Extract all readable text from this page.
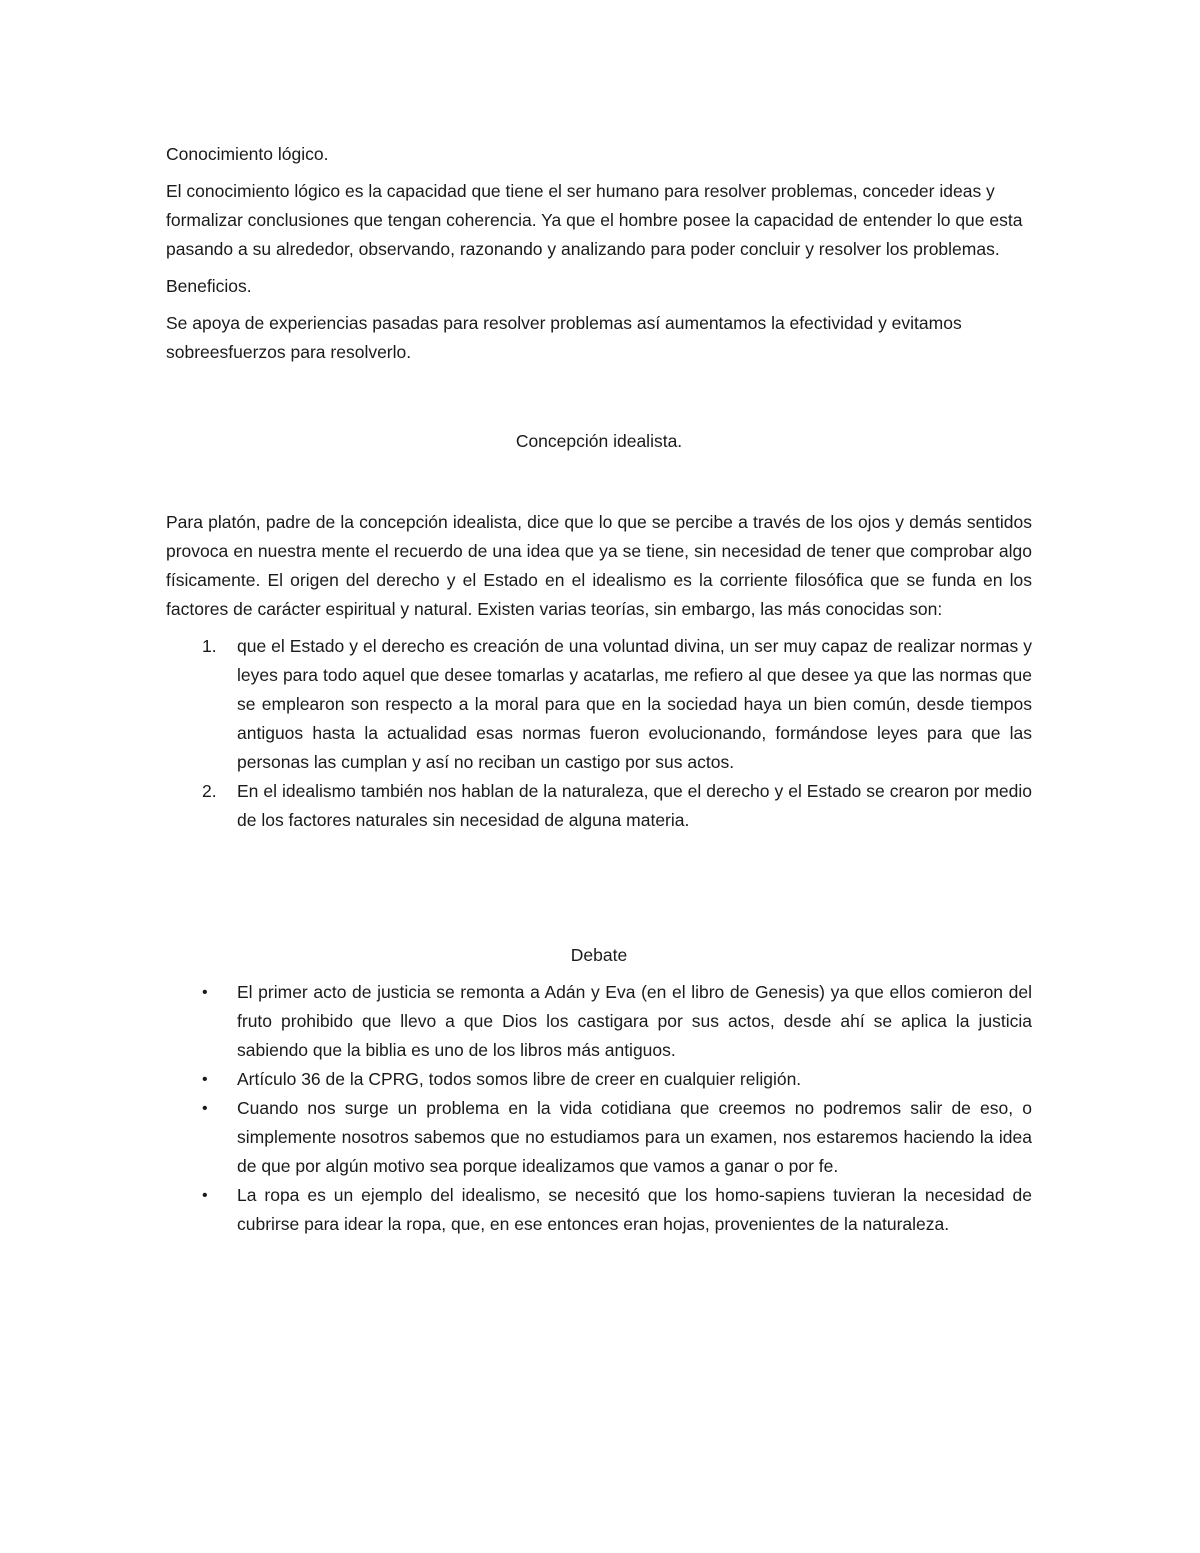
Conocimiento lógico.

El conocimiento lógico es la capacidad que tiene el ser humano para resolver problemas, conceder ideas y formalizar conclusiones que tengan coherencia. Ya que el hombre posee la capacidad de entender lo que esta pasando a su alrededor, observando, razonando y analizando para poder concluir y resolver los problemas.

Beneficios.

Se apoya de experiencias pasadas para resolver problemas así aumentamos la efectividad y evitamos sobreesfuerzos para resolverlo.

Concepción idealista.

Para platón, padre de la concepción idealista, dice que lo que se percibe a través de los ojos y demás sentidos provoca en nuestra mente el recuerdo de una idea que ya se tiene, sin necesidad de tener que comprobar algo físicamente. El origen del derecho y el Estado en el idealismo es la corriente filosófica que se funda en los factores de carácter espiritual y natural. Existen varias teorías, sin embargo, las más conocidas son:

1. que el Estado y el derecho es creación de una voluntad divina, un ser muy capaz de realizar normas y leyes para todo aquel que desee tomarlas y acatarlas, me refiero al que desee ya que las normas que se emplearon son respecto a la moral para que en la sociedad haya un bien común, desde tiempos antiguos hasta la actualidad esas normas fueron evolucionando, formándose leyes para que las personas las cumplan y así no reciban un castigo por sus actos.
2. En el idealismo también nos hablan de la naturaleza, que el derecho y el Estado se crearon por medio de los factores naturales sin necesidad de alguna materia.

Debate

• El primer acto de justicia se remonta a Adán y Eva (en el libro de Genesis) ya que ellos comieron del fruto prohibido que llevo a que Dios los castigara por sus actos, desde ahí se aplica la justicia sabiendo que la biblia es uno de los libros más antiguos.
• Artículo 36 de la CPRG, todos somos libre de creer en cualquier religión.
• Cuando nos surge un problema en la vida cotidiana que creemos no podremos salir de eso, o simplemente nosotros sabemos que no estudiamos para un examen, nos estaremos haciendo la idea de que por algún motivo sea porque idealizamos que vamos a ganar o por fe.
• La ropa es un ejemplo del idealismo, se necesitó que los homo-sapiens tuvieran la necesidad de cubrirse para idear la ropa, que, en ese entonces eran hojas, provenientes de la naturaleza.
